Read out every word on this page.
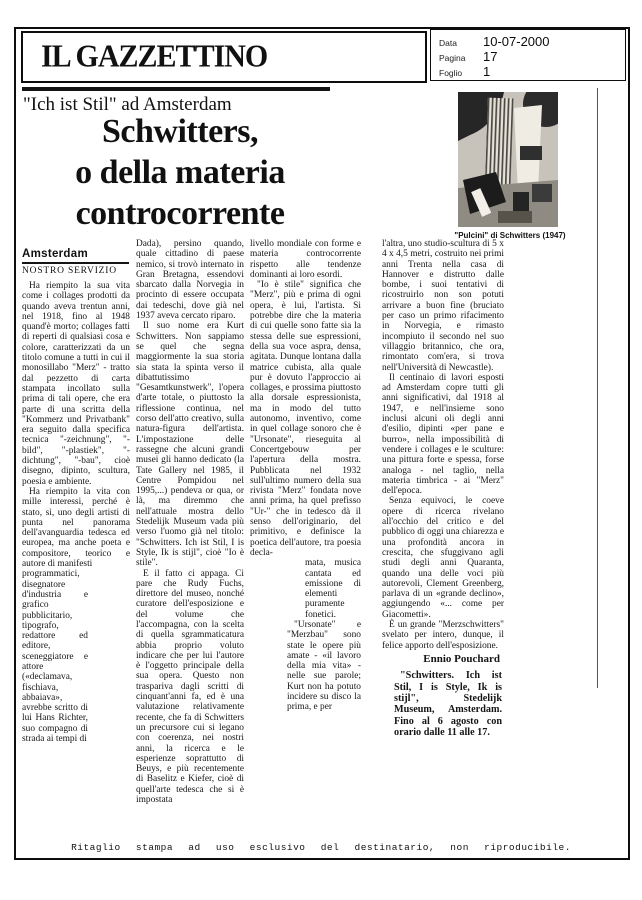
IL GAZZETTINO	Data	10-07-2000
Pagina	17
Foglio	1
"Ich ist Stil" ad Amsterdam
Schwitters,
o della materia
controcorrente
"Pulcini" di Schwitters (1947)
Amsterdam
NOSTRO SERVIZIO

Ha riempito la sua vita come i collages prodotti da quando aveva trentun anni, nel 1918, fino al 1948 quand'è morto; collages fatti di reperti di qualsiasi cosa e colore, caratterizzati da un titolo comune a tutti in cui il monosillabo "Merz" - tratto dal pezzetto di carta stampata incollato sulla prima di tali opere, che era parte di una scritta della "Kommerz und Privatbank" era seguito dalla specifica tecnica "-zeichnung", "-bild", "-plastiek", "-dichtung", "-bau", cioè disegno, dipinto, scultura, poesia e ambiente.

Ha riempito la vita con mille interessi, perché è stato, sì, uno degli artisti di punta nel panorama dell'avanguardia tedesca ed europea, ma anche poeta e compositore, teorico e autore di manifesti

programmatici, disegnatore d'industria e grafico pubblicitario, tipografo, redattore ed editore, sceneggiatore e attore («declamava, fischiava, abbaiava», avrebbe scritto di lui Hans Richter, suo compagno di strada ai tempi di

Dada), persino quando, quale cittadino di paese nemico, si trovò internato in Gran Bretagna, essendovi sbarcato dalla Norvegia in procinto di essere occupata dai tedeschi, dove già nel 1937 aveva cercato riparo.

Il suo nome era Kurt Schwitters. Non sappiamo se quel che segna maggiormente la sua storia sia stata la spinta verso il dibattutissimo "Gesamtkunstwerk", l'opera d'arte totale, o piuttosto la riflessione continua, nel corso dell'atto creativo, sulla natura-figura dell'artista. L'impostazione delle rassegne che alcuni grandi musei gli hanno dedicato (la Tate Gallery nel 1985, il Centre Pompidou nel 1995,...) pendeva or qua, or là, ma diremmo che nell'attuale mostra dello Stedelijk Museum vada più verso l'uomo già nel titolo: "Schwitters. Ich ist Stil, I is Style, Ik is stijl", cioè "Io è stile".

E il fatto ci appaga. Ci pare che Rudy Fuchs, direttore del museo, nonché curatore dell'esposizione e del volume che l'accompagna, con la scelta di quella sgrammaticatura abbia proprio voluto indicare che per lui l'autore è l'oggetto principale della sua opera. Questo non traspariva dagli scritti di cinquant'anni fa, ed è una valutazione relativamente recente, che fa di Schwitters un precursore cui si legano con coerenza, nei nostri anni, la ricerca e le esperienze soprattutto di Beuys, e più recentemente di Baselitz e Kiefer, cioè di quell'arte tedesca che si è impostata

livello mondiale con forme e materia controcorrente rispetto alle tendenze dominanti ai loro esordi.

"Io è stile" significa che "Merz", più e prima di ogni opera, è lui, l'artista. Si potrebbe dire che la materia di cui quelle sono fatte sia la stessa delle sue espressioni, della sua voce aspra, densa, agitata. Dunque lontana dalla matrice cubista, alla quale pur è dovuto l'approccio ai collages, e prossima piuttosto alla dorsale espressionista, ma in modo del tutto autonomo, inventivo, come in quel collage sonoro che è "Ursonate", rieseguita al Concertgebouw per l'apertura della mostra. Pubblicata nel 1932 sull'ultimo numero della sua rivista "Merz" fondata nove anni prima, ha quel prefisso "Ur-" che in tedesco dà il senso dell'originario, del primitivo, e definisce la poetica dell'autore, tra poesia decla-

mata, musica cantata ed emissione di elementi puramente fonetici.
"Ursonate" e "Merzbau" sono state le opere più amate - «il lavoro della mia vita» - nelle sue parole; Kurt non ha potuto incidere su disco la prima, e per

l'altra, uno studio-scultura di 5 x 4 x 4,5 metri, costruito nei primi anni Trenta nella casa di Hannover e distrutto dalle bombe, i suoi tentativi di ricostruirlo non son potuti arrivare a buon fine (bruciato per caso un primo rifacimento in Norvegia, e rimasto incompiuto il secondo nel suo villaggio britannico, che ora, rimontato com'era, si trova nell'Università di Newcastle).

Il centinaio di lavori esposti ad Amsterdam copre tutti gli anni significativi, dal 1918 al 1947, e nell'insieme sono inclusi alcuni oli degli anni d'esilio, dipinti «per pane e burro», nella impossibilità di vendere i collages e le sculture: una pittura forte e spessa, forse analoga - nel taglio, nella materia timbrica - ai "Merz" dell'epoca.

Senza equivoci, le coeve opere di ricerca rivelano all'occhio del critico e del pubblico di oggi una chiarezza e una profondità ancora in crescita, che sfuggivano agli studi degli anni Quaranta, quando una delle voci più autorevoli, Clement Greenberg, parlava di un «grande declino», aggiungendo «... come per Giacometti».

È un grande "Merzschwitters" svelato per intero, dunque, il felice apporto dell'esposizione.

Ennio Pouchard
"Schwitters. Ich ist Stil, I is Style, Ik is stijl", Stedelijk Museum, Amsterdam. Fino al 6 agosto con orario dalle 11 alle 17.
Ritaglio stampa ad uso esclusivo del destinatario, non riproducibile.
